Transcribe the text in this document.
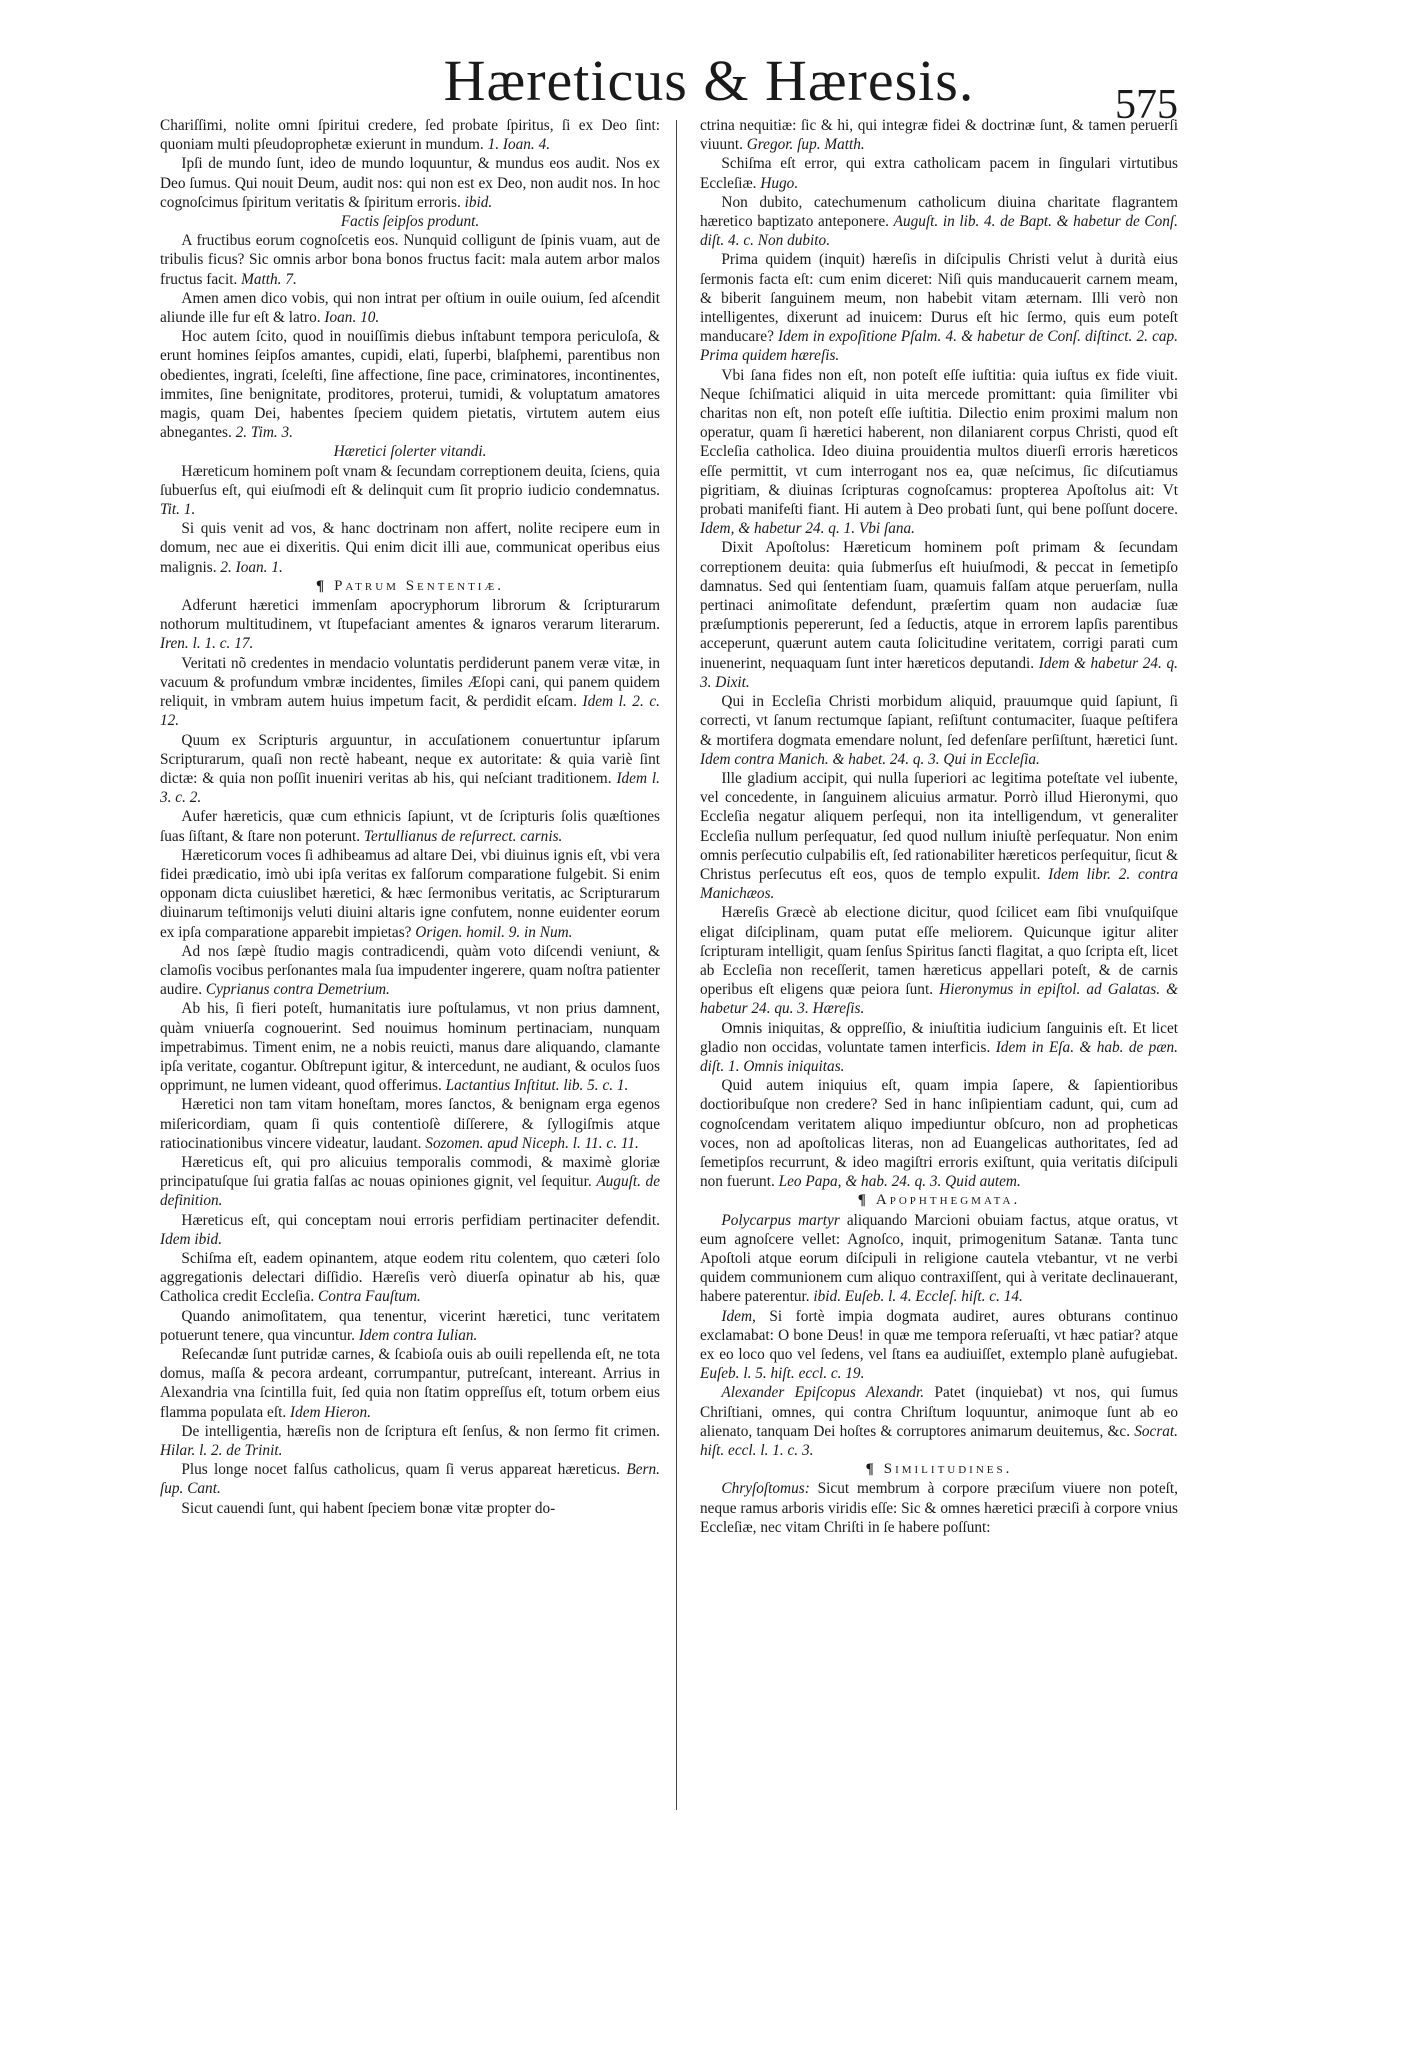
Hæreticus & Hæresis.	575

Chariſſimi, nolite omni ſpiritui credere, ſed probate ſpiritus, ſi ex Deo ſint: quoniam multi pſeudoprophetæ exierunt in mundum. 1. Ioan. 4.

Ipſi de mundo ſunt, ideo de mundo loquuntur, & mundus eos audit. Nos ex Deo ſumus. Qui nouit Deum, audit nos: qui non est ex Deo, non audit nos. In hoc cognoſcimus ſpiritum veritatis & ſpiritum erroris. ibid.

Factis ſeipſos produnt.

A fructibus eorum cognoſcetis eos. Nunquid colligunt de ſpinis vuam, aut de tribulis ficus? Sic omnis arbor bona bonos fructus facit: mala autem arbor malos fructus facit. Matth. 7.

Amen amen dico vobis, qui non intrat per oſtium in ouile ouium, ſed aſcendit aliunde ille fur eſt & latro. Ioan. 10.

Hoc autem ſcito, quod in nouiſſimis diebus inſtabunt tempora periculoſa, & erunt homines ſeipſos amantes, cupidi, elati, ſuperbi, blaſphemi, parentibus non obedientes, ingrati, ſceleſti, ſine affectione, ſine pace, criminatores, incontinentes, immites, ſine benignitate, proditores, proterui, tumidi, & voluptatum amatores magis, quam Dei, habentes ſpeciem quidem pietatis, virtutem autem eius abnegantes. 2. Tim. 3.

Hæretici ſolerter vitandi.

Hæreticum hominem poſt vnam & ſecundam correptionem deuita, ſciens, quia ſubuerſus eſt, qui eiuſmodi eſt & delinquit cum ſit proprio iudicio condemnatus. Tit. 1.

Si quis venit ad vos, & hanc doctrinam non affert, nolite recipere eum in domum, nec aue ei dixeritis. Qui enim dicit illi aue, communicat operibus eius malignis. 2. Ioan. 1.

¶ Patrum Sententiæ.

Adferunt hæretici immenſam apocryphorum librorum & ſcripturarum nothorum multitudinem, vt ſtupefaciant amentes & ignaros verarum literarum. Iren. l. 1. c. 17.

Veritati nõ credentes in mendacio voluntatis perdiderunt panem veræ vitæ, in vacuum & profundum vmbræ incidentes, ſimiles Æſopi cani, qui panem quidem reliquit, in vmbram autem huius impetum facit, & perdidit eſcam. Idem l. 2. c. 12.

Quum ex Scripturis arguuntur, in accuſationem conuertuntur ipſarum Scripturarum, quaſi non rectè habeant, neque ex autoritate: & quia variè ſint dictæ: & quia non poſſit inueniri veritas ab his, qui neſciant traditionem. Idem l. 3. c. 2.

Aufer hæreticis, quæ cum ethnicis ſapiunt, vt de ſcripturis ſolis quæſtiones ſuas ſiſtant, & ſtare non poterunt. Tertullianus de reſurrect. carnis.

Hæreticorum voces ſi adhibeamus ad altare Dei, vbi diuinus ignis eſt, vbi vera fidei prædicatio, imò ubi ipſa veritas ex falſorum comparatione fulgebit. Si enim opponam dicta cuiuslibet hæretici, & hæc ſermonibus veritatis, ac Scripturarum diuinarum teſtimonijs veluti diuini altaris igne confutem, nonne euidenter eorum ex ipſa comparatione apparebit impietas? Origen. homil. 9. in Num.

Ad nos ſæpè ſtudio magis contradicendi, quàm voto diſcendi veniunt, & clamoſis vocibus perſonantes mala ſua impudenter ingerere, quam noſtra patienter audire. Cyprianus contra Demetrium.

Ab his, ſi fieri poteſt, humanitatis iure poſtulamus, vt non prius damnent, quàm vniuerſa cognouerint. Sed nouimus hominum pertinaciam, nunquam impetrabimus. Timent enim, ne a nobis reuicti, manus dare aliquando, clamante ipſa veritate, cogantur. Obſtrepunt igitur, & intercedunt, ne audiant, & oculos ſuos opprimunt, ne lumen videant, quod offerimus. Lactantius Inſtitut. lib. 5. c. 1.

Hæretici non tam vitam honeſtam, mores ſanctos, & benignam erga egenos miſericordiam, quam ſi quis contentioſè diſſerere, & ſyllogiſmis atque ratiocinationibus vincere videatur, laudant. Sozomen. apud Niceph. l. 11. c. 11.

Hæreticus eſt, qui pro alicuius temporalis commodi, & maximè gloriæ principatuſque ſui gratia falſas ac nouas opiniones gignit, vel ſequitur. Auguſt. de definition.

Hæreticus eſt, qui conceptam noui erroris perfidiam pertinaciter defendit. Idem ibid.

Schiſma eſt, eadem opinantem, atque eodem ritu colentem, quo cæteri ſolo aggregationis delectari diſſidio. Hæreſis verò diuerſa opinatur ab his, quæ Catholica credit Eccleſia. Contra Fauſtum.

Quando animoſitatem, qua tenentur, vicerint hæretici, tunc veritatem potuerunt tenere, qua vincuntur. Idem contra Iulian.

Reſecandæ ſunt putridæ carnes, & ſcabioſa ouis ab ouili repellenda eſt, ne tota domus, maſſa & pecora ardeant, corrumpantur, putreſcant, intereant. Arrius in Alexandria vna ſcintilla fuit, ſed quia non ſtatim oppreſſus eſt, totum orbem eius flamma populata eſt. Idem Hieron.

De intelligentia, hæreſis non de ſcriptura eſt ſenſus, & non ſermo fit crimen. Hilar. l. 2. de Trinit.

Plus longe nocet falſus catholicus, quam ſi verus appareat hæreticus. Bern. ſup. Cant.

Sicut cauendi ſunt, qui habent ſpeciem bonæ vitæ propter do-

ctrina nequitiæ: ſic & hi, qui integræ fidei & doctrinæ ſunt, & tamen peruerſi viuunt. Gregor. ſup. Matth.

Schiſma eſt error, qui extra catholicam pacem in ſingulari virtutibus Eccleſiæ. Hugo.

Non dubito, catechumenum catholicum diuina charitate flagrantem hæretico baptizato anteponere. Auguſt. in lib. 4. de Bapt. & habetur de Conſ. diſt. 4. c. Non dubito.

Prima quidem (inquit) hæreſis in diſcipulis Christi velut à durità eius ſermonis facta eſt: cum enim diceret: Niſi quis manducauerit carnem meam, & biberit ſanguinem meum, non habebit vitam æternam. Illi verò non intelligentes, dixerunt ad inuicem: Durus eſt hic ſermo, quis eum poteſt manducare? Idem in expoſitione Pſalm. 4. & habetur de Conſ. diſtinct. 2. cap. Prima quidem hæreſis.

Vbi ſana fides non eſt, non poteſt eſſe iuſtitia: quia iuſtus ex fide viuit. Neque ſchiſmatici aliquid in uita mercede promittant: quia ſimiliter vbi charitas non eſt, non poteſt eſſe iuſtitia. Dilectio enim proximi malum non operatur, quam ſi hæretici haberent, non dilaniarent corpus Christi, quod eſt Eccleſia catholica. Ideo diuina prouidentia multos diuerſi erroris hæreticos eſſe permittit, vt cum interrogant nos ea, quæ neſcimus, ſic diſcutiamus pigritiam, & diuinas ſcripturas cognoſcamus: propterea Apoſtolus ait: Vt probati manifeſti fiant. Hi autem à Deo probati ſunt, qui bene poſſunt docere. Idem, & habetur 24. q. 1. Vbi ſana.

Dixit Apoſtolus: Hæreticum hominem poſt primam & ſecundam correptionem deuita: quia ſubmerſus eſt huiuſmodi, & peccat in ſemetipſo damnatus. Sed qui ſententiam ſuam, quamuis falſam atque peruerſam, nulla pertinaci animoſitate defendunt, præſertim quam non audaciæ ſuæ præſumptionis pepererunt, ſed a ſeductis, atque in errorem lapſis parentibus acceperunt, quærunt autem cauta ſolicitudine veritatem, corrigi parati cum inuenerint, nequaquam ſunt inter hæreticos deputandi. Idem & habetur 24. q. 3. Dixit.

Qui in Eccleſia Christi morbidum aliquid, prauumque quid ſapiunt, ſi correcti, vt ſanum rectumque ſapiant, reſiſtunt contumaciter, ſuaque peſtifera & mortifera dogmata emendare nolunt, ſed defenſare perſiſtunt, hæretici ſunt. Idem contra Manich. & habet. 24. q. 3. Qui in Eccleſia.

Ille gladium accipit, qui nulla ſuperiori ac legitima poteſtate vel iubente, vel concedente, in ſanguinem alicuius armatur. Porrò illud Hieronymi, quo Eccleſia negatur aliquem perſequi, non ita intelligendum, vt generaliter Eccleſia nullum perſequatur, ſed quod nullum iniuſtè perſequatur. Non enim omnis perſecutio culpabilis eſt, ſed rationabiliter hæreticos perſequitur, ſicut & Christus perſecutus eſt eos, quos de templo expulit. Idem libr. 2. contra Manichæos.

Hæreſis Græcè ab electione dicitur, quod ſcilicet eam ſibi vnuſquiſque eligat diſciplinam, quam putat eſſe meliorem. Quicunque igitur aliter ſcripturam intelligit, quam ſenſus Spiritus ſancti flagitat, a quo ſcripta eſt, licet ab Eccleſia non receſſerit, tamen hæreticus appellari poteſt, & de carnis operibus eſt eligens quæ peiora ſunt. Hieronymus in epiſtol. ad Galatas. & habetur 24. qu. 3. Hæreſis.

Omnis iniquitas, & oppreſſio, & iniuſtitia iudicium ſanguinis eſt. Et licet gladio non occidas, voluntate tamen interficis. Idem in Eſa. & hab. de pæn. diſt. 1. Omnis iniquitas.

Quid autem iniquius eſt, quam impia ſapere, & ſapientioribus doctioribuſque non credere? Sed in hanc inſipientiam cadunt, qui, cum ad cognoſcendam veritatem aliquo impediuntur obſcuro, non ad propheticas voces, non ad apoſtolicas literas, non ad Euangelicas authoritates, ſed ad ſemetipſos recurrunt, & ideo magiſtri erroris exiſtunt, quia veritatis diſcipuli non fuerunt. Leo Papa, & hab. 24. q. 3. Quid autem.

¶ Apophthegmata.

Polycarpus martyr aliquando Marcioni obuiam factus, atque oratus, vt eum agnoſcere vellet: Agnoſco, inquit, primogenitum Satanæ. Tanta tunc Apoſtoli atque eorum diſcipuli in religione cautela vtebantur, vt ne verbi quidem communionem cum aliquo contraxiſſent, qui à veritate declinauerant, habere paterentur. ibid. Euſeb. l. 4. Eccleſ. hiſt. c. 14.

Idem, Si fortè impia dogmata audiret, aures obturans continuo exclamabat: O bone Deus! in quæ me tempora reſeruaſti, vt hæc patiar? atque ex eo loco quo vel ſedens, vel ſtans ea audiuiſſet, extemplo planè aufugiebat. Euſeb. l. 5. hiſt. eccl. c. 19.

Alexander Epiſcopus Alexandr. Patet (inquiebat) vt nos, qui ſumus Chriſtiani, omnes, qui contra Chriſtum loquuntur, animoque ſunt ab eo alienato, tanquam Dei hoſtes & corruptores animarum deuitemus, &c. Socrat. hiſt. eccl. l. 1. c. 3.

¶ Similitudines.

Chryſoſtomus: Sicut membrum à corpore præciſum viuere non poteſt, neque ramus arboris viridis eſſe: Sic & omnes hæretici præciſi à corpore vnius Eccleſiæ, nec vitam Chriſti in ſe habere poſſunt:
